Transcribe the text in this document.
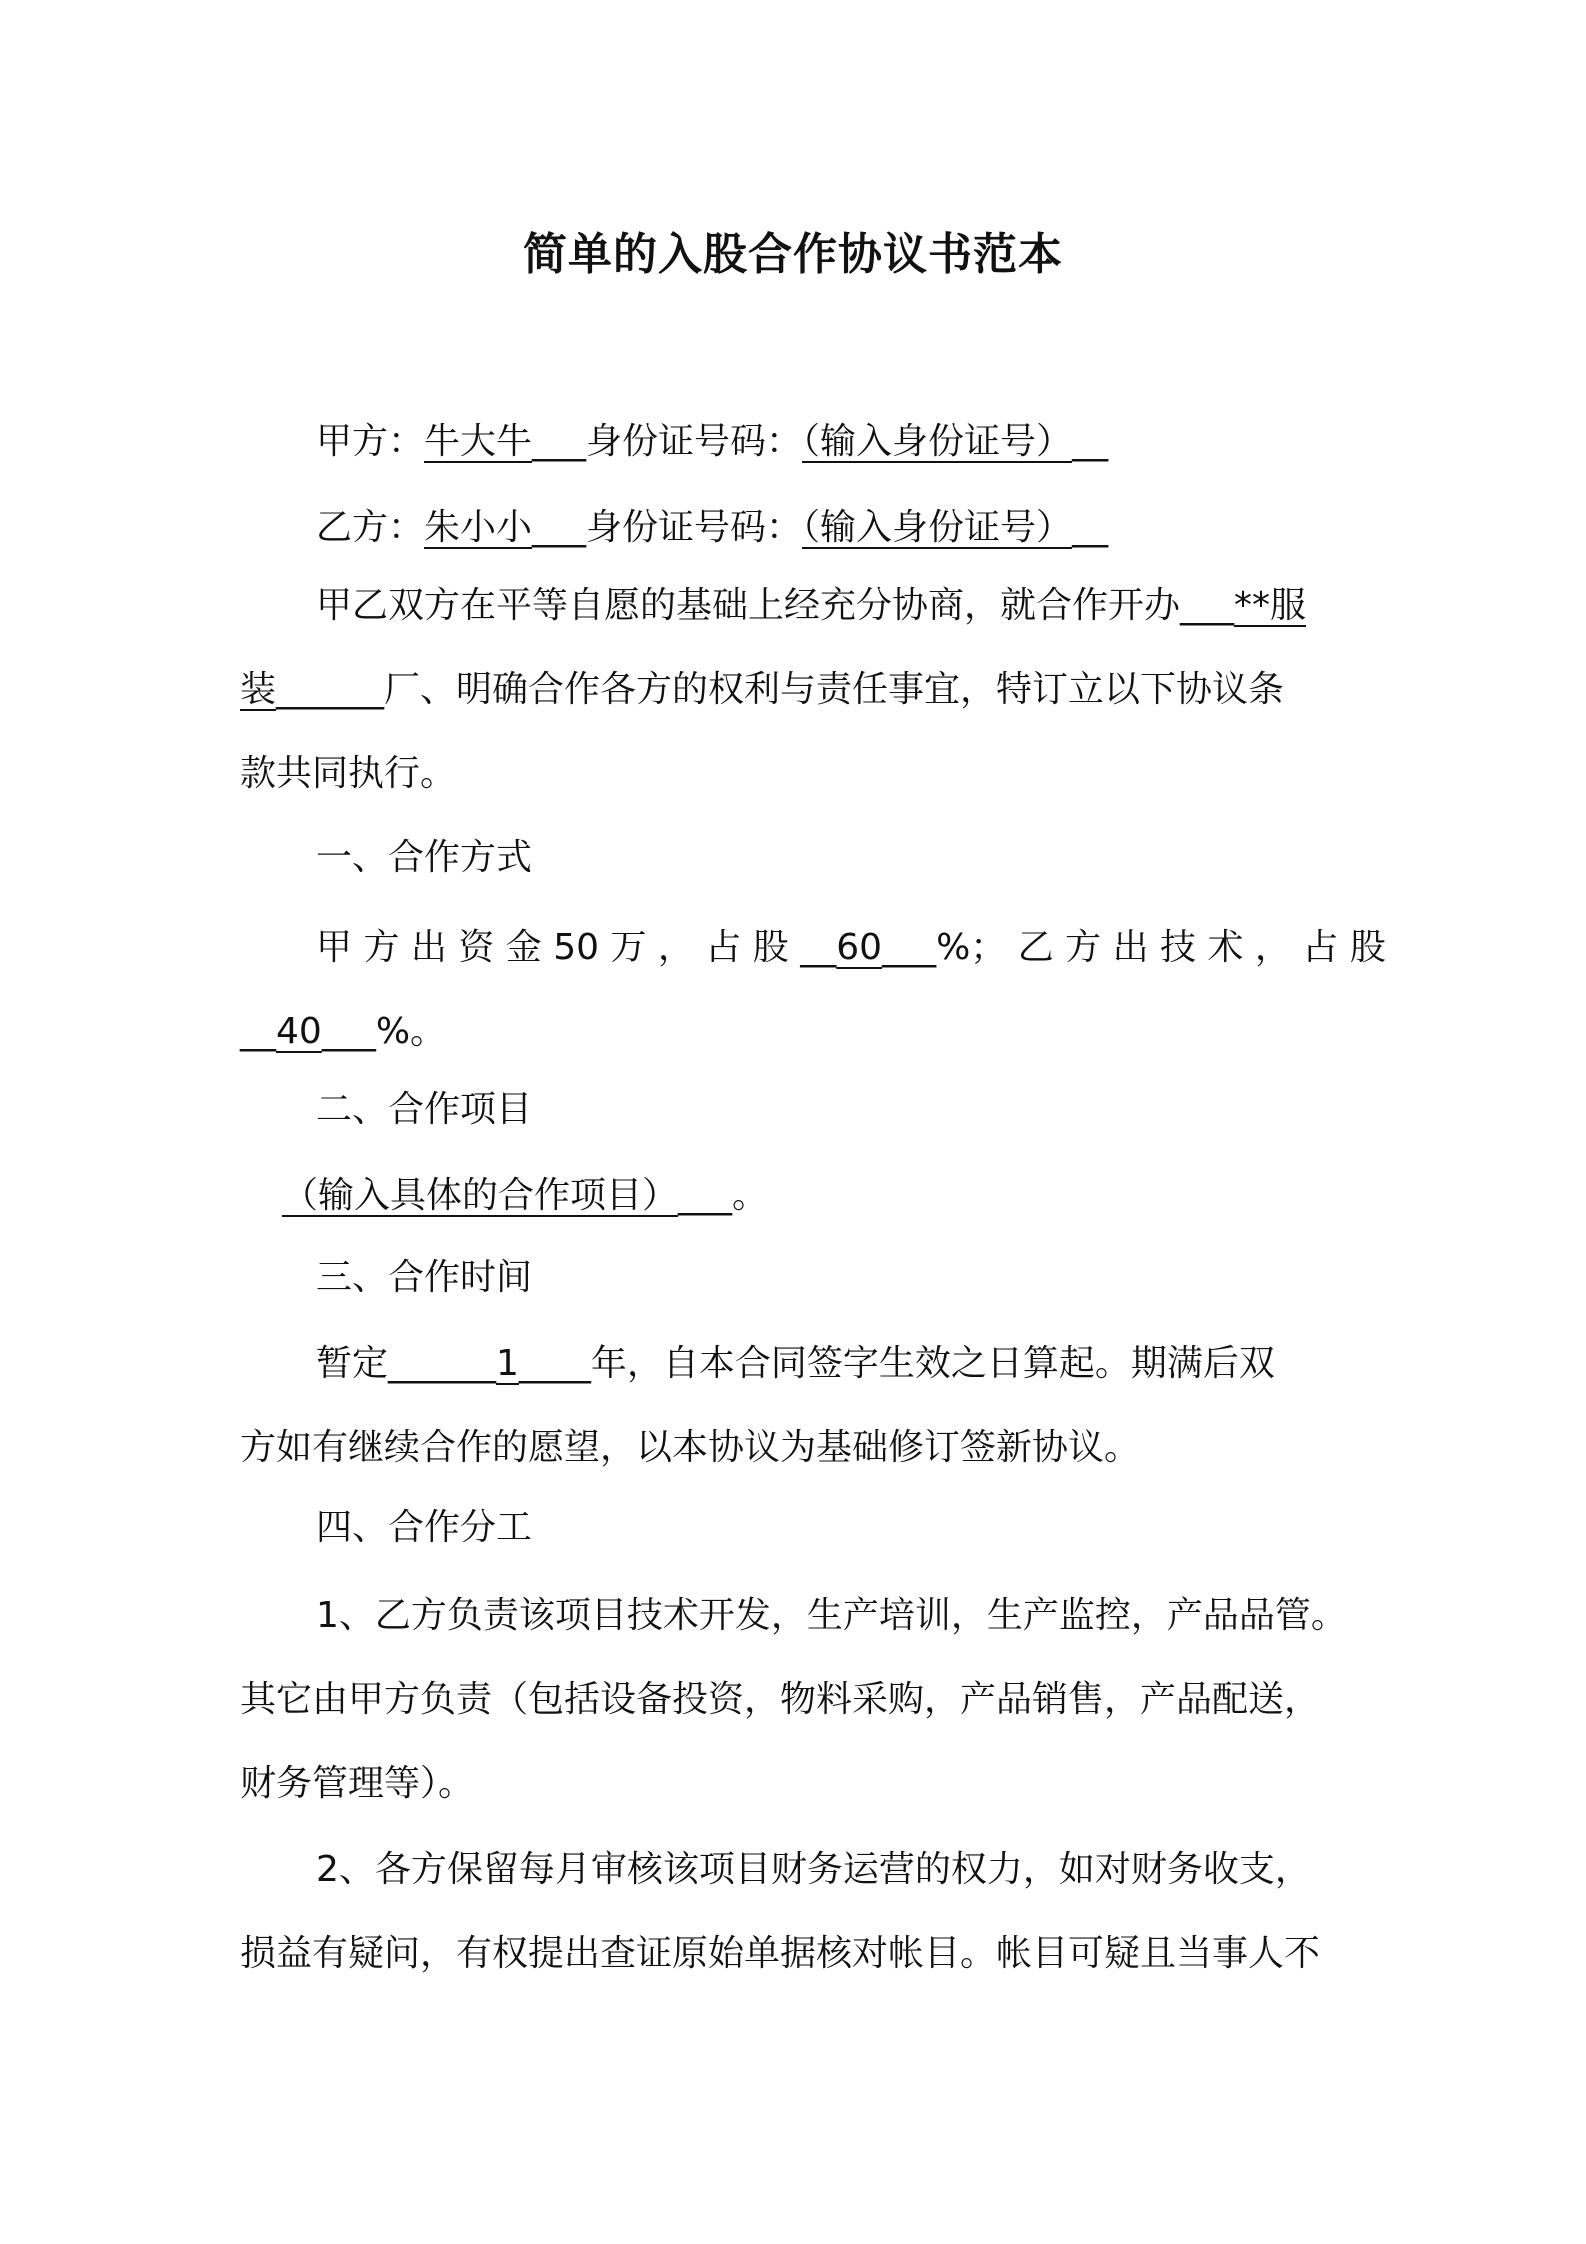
简单的入股合作协议书范本
甲方：牛大牛___身份证号码：（输入身份证号）__
乙方：朱小小___身份证号码：（输入身份证号）__
甲乙双方在平等自愿的基础上经充分协商，就合作开办___**服
装______厂、明确合作各方的权利与责任事宜，特订立以下协议条
款共同执行。
一、合作方式
甲 方 出 资 金 50 万 ， 占 股 __60___%； 乙 方 出 技 术 ， 占 股
__40___%。
二、合作项目
（输入具体的合作项目）___。
三、合作时间
暂定______1____年，自本合同签字生效之日算起。期满后双
方如有继续合作的愿望，以本协议为基础修订签新协议。
四、合作分工
1、乙方负责该项目技术开发，生产培训，生产监控，产品品管。
其它由甲方负责（包括设备投资，物料采购，产品销售，产品配送，
财务管理等）。
2、各方保留每月审核该项目财务运营的权力，如对财务收支，
损益有疑问，有权提出查证原始单据核对帐目。帐目可疑且当事人不
